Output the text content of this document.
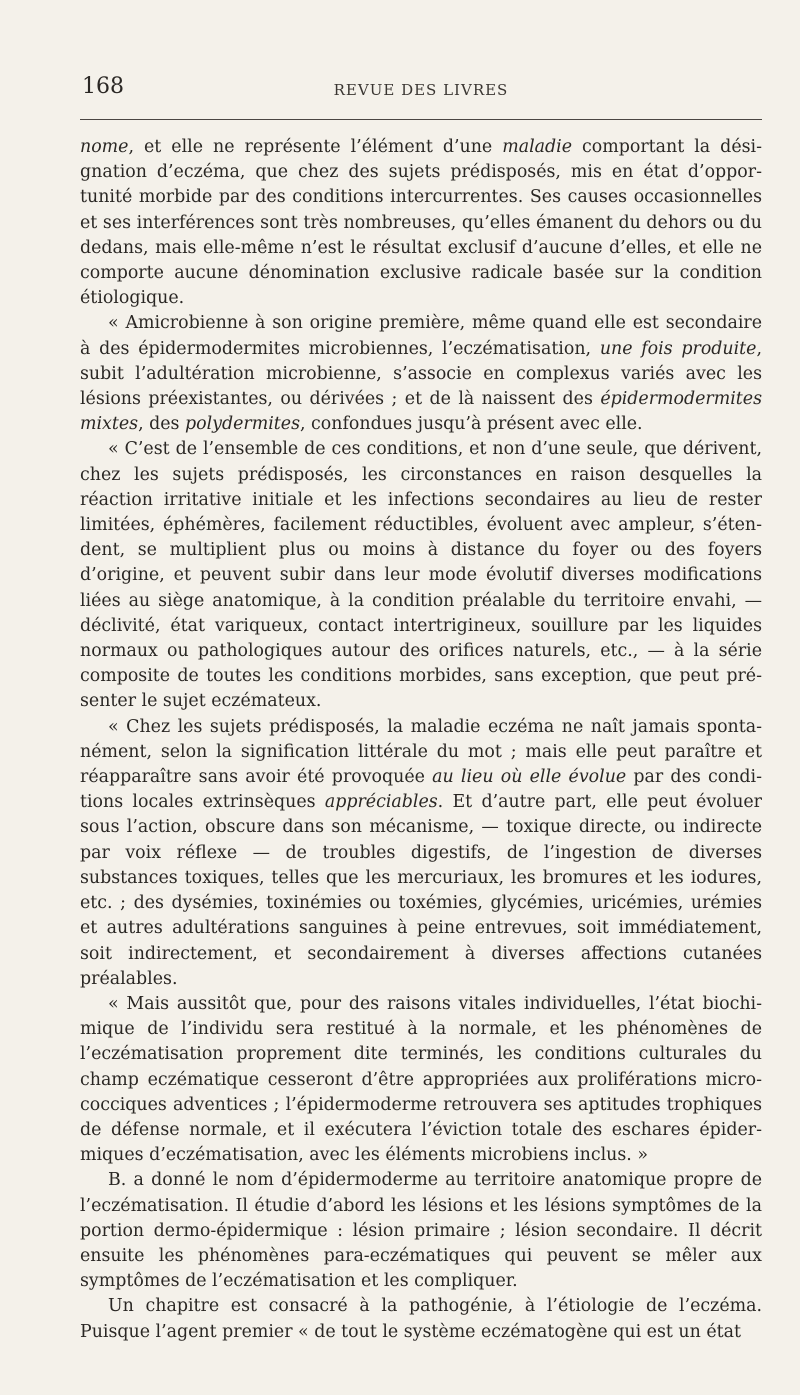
168	REVUE DES LIVRES

nome, et elle ne représente l’élément d’une maladie comportant la désignation d’eczéma, que chez des sujets prédisposés, mis en état d’opportunité morbide par des conditions intercurrentes. Ses causes occasionnelles et ses interférences sont très nombreuses, qu’elles émanent du dehors ou du dedans, mais elle-même n’est le résultat exclusif d’aucune d’elles, et elle ne comporte aucune dénomination exclusive radicale basée sur la condition étiologique.

« Amicrobienne à son origine première, même quand elle est secondaire à des épidermodermites microbiennes, l’eczématisation, une fois produite, subit l’adultération microbienne, s’associe en complexus variés avec les lésions préexistantes, ou dérivées ; et de là naissent des épidermodermites mixtes, des polydermites, confondues jusqu’à présent avec elle.

« C’est de l’ensemble de ces conditions, et non d’une seule, que dérivent, chez les sujets prédisposés, les circonstances en raison desquelles la réaction irritative initiale et les infections secondaires au lieu de rester limitées, éphémères, facilement réductibles, évoluent avec ampleur, s’étendent, se multiplient plus ou moins à distance du foyer ou des foyers d’origine, et peuvent subir dans leur mode évolutif diverses modifications liées au siège anatomique, à la condition préalable du territoire envahi, — déclivité, état variqueux, contact intertrigineux, souillure par les liquides normaux ou pathologiques autour des orifices naturels, etc., — à la série composite de toutes les conditions morbides, sans exception, que peut présenter le sujet eczémateux.

« Chez les sujets prédisposés, la maladie eczéma ne naît jamais spontanément, selon la signification littérale du mot ; mais elle peut paraître et réapparaître sans avoir été provoquée au lieu où elle évolue par des conditions locales extrinsèques appréciables. Et d’autre part, elle peut évoluer sous l’action, obscure dans son mécanisme, — toxique directe, ou indirecte par voix réflexe — de troubles digestifs, de l’ingestion de diverses substances toxiques, telles que les mercuriaux, les bromures et les iodures, etc. ; des dysémies, toxinémies ou toxémies, glycémies, uricémies, urémies et autres adultérations sanguines à peine entrevues, soit immédiatement, soit indirectement, et secondairement à diverses affections cutanées préalables.

« Mais aussitôt que, pour des raisons vitales individuelles, l’état biochimique de l’individu sera restitué à la normale, et les phénomènes de l’eczématisation proprement dite terminés, les conditions culturales du champ eczématique cesseront d’être appropriées aux proliférations micrococciques adventices ; l’épidermoderme retrouvera ses aptitudes trophiques de défense normale, et il exécutera l’éviction totale des eschares épidermiques d’eczématisation, avec les éléments microbiens inclus. »

B. a donné le nom d’épidermoderme au territoire anatomique propre de l’eczématisation. Il étudie d’abord les lésions et les lésions symptômes de la portion dermo-épidermique : lésion primaire ; lésion secondaire. Il décrit ensuite les phénomènes para-eczématiques qui peuvent se mêler aux symptômes de l’eczématisation et les compliquer.

Un chapitre est consacré à la pathogénie, à l’étiologie de l’eczéma. Puisque l’agent premier « de tout le système eczématogène qui est un état
